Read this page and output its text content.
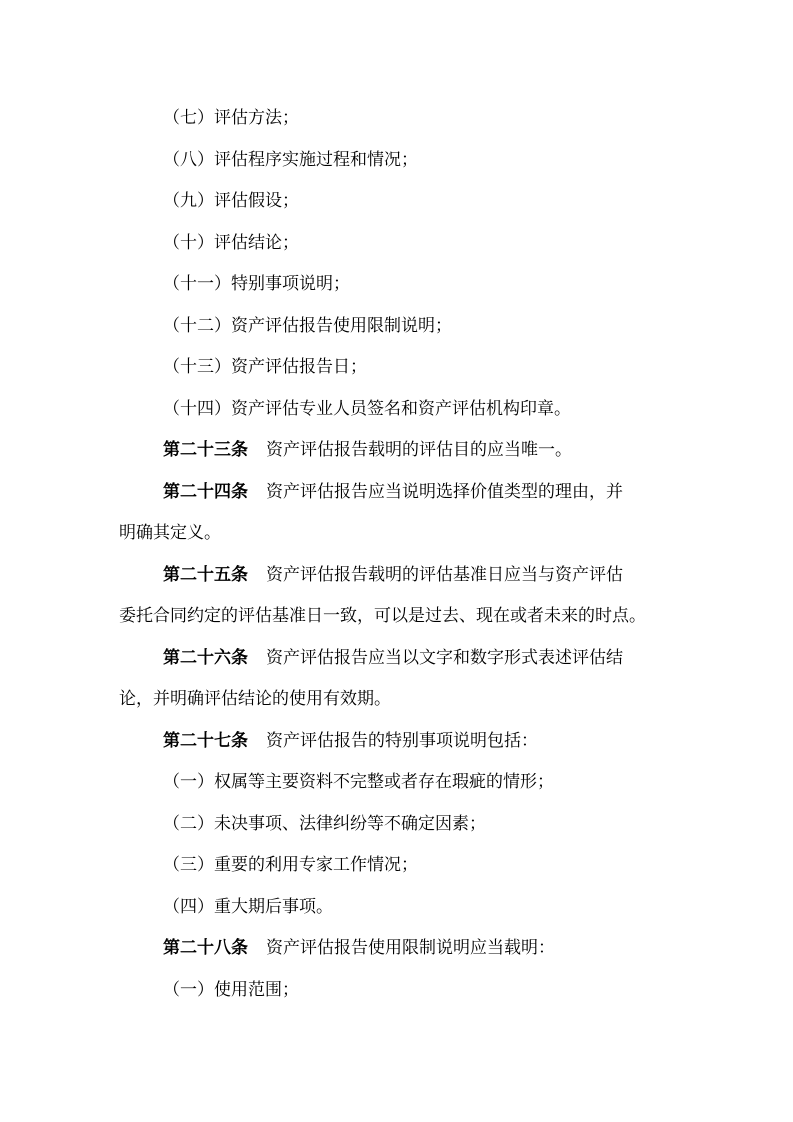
（七）评估方法；
（八）评估程序实施过程和情况；
（九）评估假设；
（十）评估结论；
（十一）特别事项说明；
（十二）资产评估报告使用限制说明；
（十三）资产评估报告日；
（十四）资产评估专业人员签名和资产评估机构印章。
第二十三条 资产评估报告载明的评估目的应当唯一。
第二十四条 资产评估报告应当说明选择价值类型的理由，并
明确其定义。
第二十五条 资产评估报告载明的评估基准日应当与资产评估
委托合同约定的评估基准日一致，可以是过去、现在或者未来的时点。
第二十六条 资产评估报告应当以文字和数字形式表述评估结
论，并明确评估结论的使用有效期。
第二十七条 资产评估报告的特别事项说明包括：
（一）权属等主要资料不完整或者存在瑕疵的情形；
（二）未决事项、法律纠纷等不确定因素；
（三）重要的利用专家工作情况；
（四）重大期后事项。
第二十八条 资产评估报告使用限制说明应当载明：
（一）使用范围；
